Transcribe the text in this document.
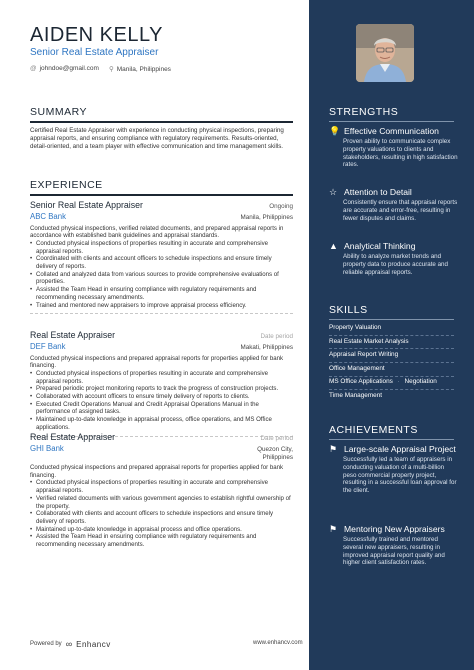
AIDEN KELLY
Senior Real Estate Appraiser
@ johndoe@gmail.com ⚲ Manila, Philippines
SUMMARY
Certified Real Estate Appraiser with experience in conducting physical inspections, preparing appraisal reports, and ensuring compliance with regulatory requirements. Results-oriented, detail-oriented, and a team player with effective communication and time management skills.
EXPERIENCE
Senior Real Estate Appraiser	Ongoing
ABC Bank	Manila, Philippines
Conducted physical inspections, verified related documents, and prepared appraisal reports in accordance with established bank guidelines and appraisal standards.
• Conducted physical inspections of properties resulting in accurate and comprehensive appraisal reports.
• Coordinated with clients and account officers to schedule inspections and ensure timely delivery of reports.
• Collated and analyzed data from various sources to provide comprehensive evaluations of properties.
• Assisted the Team Head in ensuring compliance with regulatory requirements and recommending necessary amendments.
• Trained and mentored new appraisers to improve appraisal process efficiency.
Real Estate Appraiser	Date period
DEF Bank	Makati, Philippines
Conducted physical inspections and prepared appraisal reports for properties applied for bank financing.
• Conducted physical inspections of properties resulting in accurate and comprehensive appraisal reports.
• Prepared periodic project monitoring reports to track the progress of construction projects.
• Collaborated with account officers to ensure timely delivery of reports to clients.
• Executed Credit Operations Manual and Credit Appraisal Operations Manual in the performance of assigned tasks.
• Maintained up-to-date knowledge in appraisal process, office operations, and MS Office applications.
Real Estate Appraiser	Date period
GHI Bank	Quezon City, Philippines
Conducted physical inspections and prepared appraisal reports for properties applied for bank financing.
• Conducted physical inspections of properties resulting in accurate and comprehensive appraisal reports.
• Verified related documents with various government agencies to establish rightful ownership of the property.
• Collaborated with clients and account officers to schedule inspections and ensure timely delivery of reports.
• Maintained up-to-date knowledge in appraisal process and office operations.
• Assisted the Team Head in ensuring compliance with regulatory requirements and recommending necessary amendments.
STRENGTHS
💡 Effective Communication
Proven ability to communicate complex property valuations to clients and stakeholders, resulting in high satisfaction rates.
☆ Attention to Detail
Consistently ensure that appraisal reports are accurate and error-free, resulting in fewer disputes and claims.
▲ Analytical Thinking
Ability to analyze market trends and property data to produce accurate and reliable appraisal reports.
SKILLS
Property Valuation
Real Estate Market Analysis
Appraisal Report Writing
Office Management
MS Office Applications · Negotiation
Time Management
ACHIEVEMENTS
⚑ Large-scale Appraisal Project
Successfully led a team of appraisers in conducting valuation of a multi-billion peso commercial property project, resulting in a successful loan approval for the client.
⚑ Mentoring New Appraisers
Successfully trained and mentored several new appraisers, resulting in improved appraisal report quality and higher client satisfaction rates.
Powered by ∞ Enhancv	www.enhancv.com
